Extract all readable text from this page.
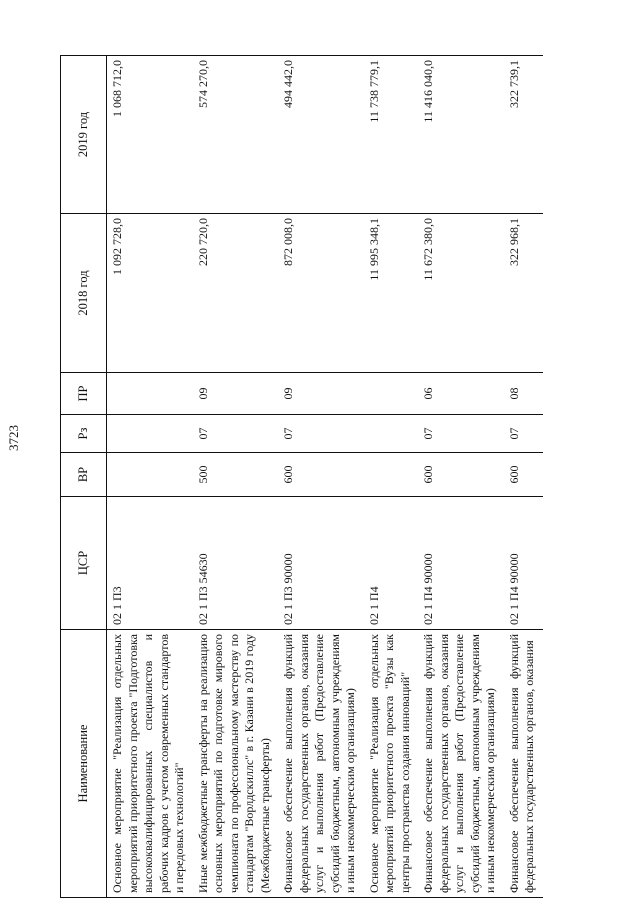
3723
Наименование	ЦСР	ВР	Рз	ПР	2018 год	2019 год
Основное мероприятие "Реализация отдельных мероприятий приоритетного проекта "Подготовка высококвалифицированных специалистов и рабочих кадров с учетом современных стандартов и передовых технологий"	02 1 П3				1 092 728,0	1 068 712,0
Иные межбюджетные трансферты на реализацию основных мероприятий по подготовке мирового чемпионата по профессиональному мастерству по стандартам "Ворлдскиллс" в г. Казани в 2019 году (Межбюджетные трансферты)	02 1 П3 54630	500	07	09	220 720,0	574 270,0
Финансовое обеспечение выполнения функций федеральных государственных органов, оказания услуг и выполнения работ (Предоставление субсидий бюджетным, автономным учреждениям и иным некоммерческим организациям)	02 1 П3 90000	600	07	09	872 008,0	494 442,0
Основное мероприятие "Реализация отдельных мероприятий приоритетного проекта "Вузы как центры пространства создания инноваций"	02 1 П4				11 995 348,1	11 738 779,1
Финансовое обеспечение выполнения функций федеральных государственных органов, оказания услуг и выполнения работ (Предоставление субсидий бюджетным, автономным учреждениям и иным некоммерческим организациям)	02 1 П4 90000	600	07	06	11 672 380,0	11 416 040,0
Финансовое обеспечение выполнения функций федеральных государственных органов, оказания	02 1 П4 90000	600	07	08	322 968,1	322 739,1
